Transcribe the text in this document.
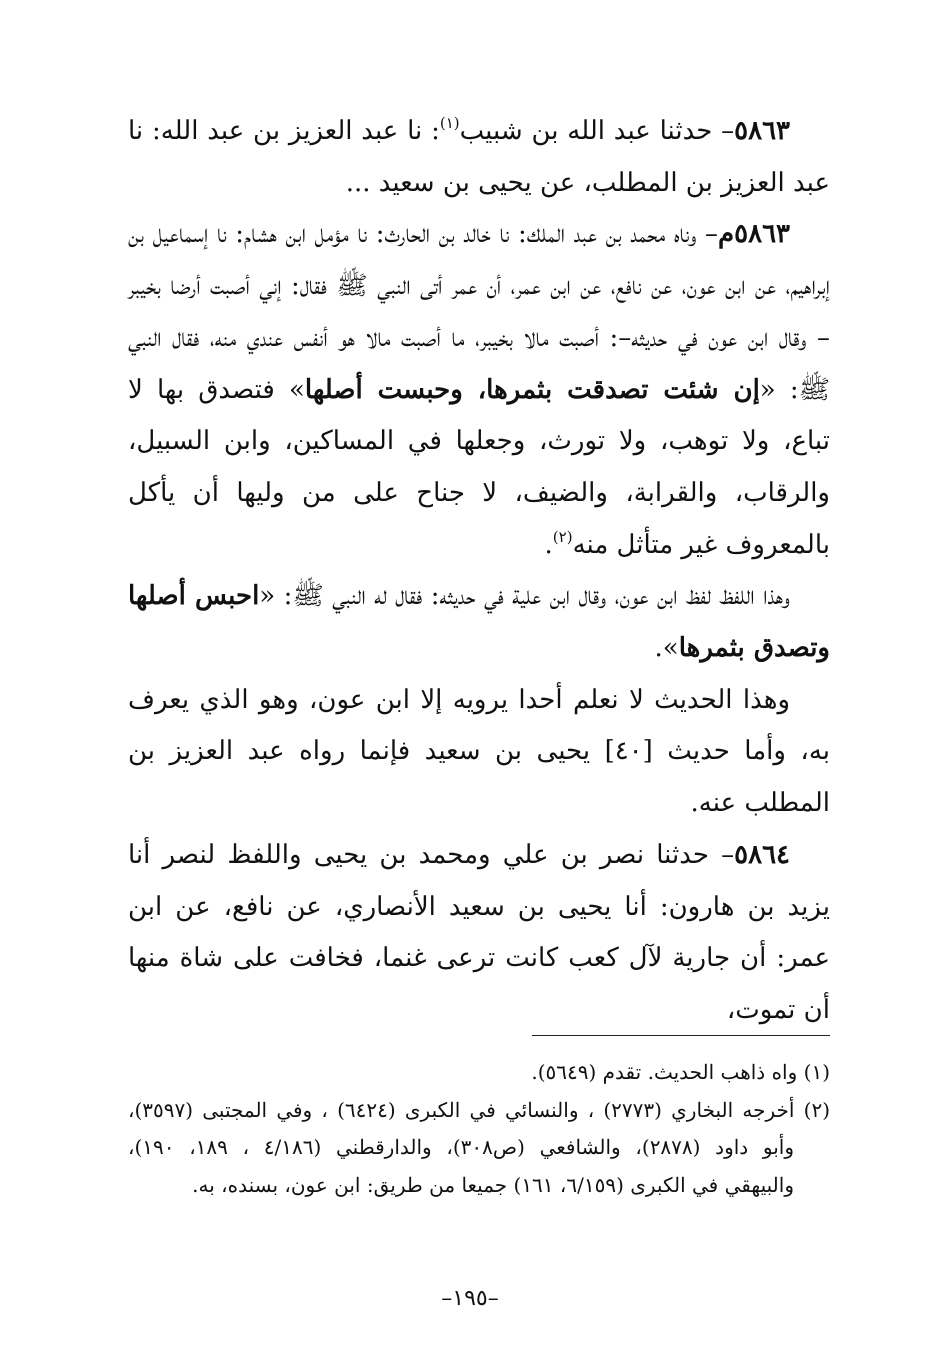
٥٨٦٣– حدثنا عبد الله بن شبيب$^{(١)}$: نا عبد العزيز بن عبد الله: نا عبد العزيز بن المطلب، عن يحيى بن سعيد ...

٥٨٦٣م– وناه محمد بن عبد الملك: نا خالد بن الحارث: نا مؤمل ابن هشام: نا إسماعيل بن إبراهيم، عن ابن عون، عن نافع، عن ابن عمر، أن عمر أتى النبي ﷺ فقال: إني أصبت أرضا بخيبر – وقال ابن عون في حديثه–: أصبت مالا بخيبر، ما أصبت مالا هو أنفس عندي منه، فقال النبي ﷺ: «إن شئت تصدقت بثمرها، وحبست أصلها» فتصدق بها لا تباع، ولا توهب، ولا تورث، وجعلها في المساكين، وابن السبيل، والرقاب، والقرابة، والضيف، لا جناح على من وليها أن يأكل بالمعروف غير متأثل منه$^{(٢)}$.

وهذا اللفظ لفظ ابن عون، وقال ابن علية في حديثه: فقال له النبي ﷺ: «احبس أصلها وتصدق بثمرها».

وهذا الحديث لا نعلم أحدا يرويه إلا ابن عون، وهو الذي يعرف به، وأما حديث [٤٠] يحيى بن سعيد فإنما رواه عبد العزيز بن المطلب عنه.

٥٨٦٤– حدثنا نصر بن علي ومحمد بن يحيى واللفظ لنصر أنا يزيد بن هارون: أنا يحيى بن سعيد الأنصاري، عن نافع، عن ابن عمر: أن جارية لآل كعب كانت ترعى غنما، فخافت على شاة منها أن تموت،

(١) واه ذاهب الحديث. تقدم (٥٦٤٩).

(٢) أخرجه البخاري (٢٧٧٣) ، والنسائي في الكبرى (٦٤٢٤) ، وفي المجتبى (٣٥٩٧)، وأبو داود (٢٨٧٨)، والشافعي (ص٣٠٨)، والدارقطني (٤/١٨٦ ، ١٨٩، ١٩٠)، والبيهقي في الكبرى (٦/١٥٩، ١٦١) جميعا من طريق: ابن عون، بسنده، به.

–١٩٥–
